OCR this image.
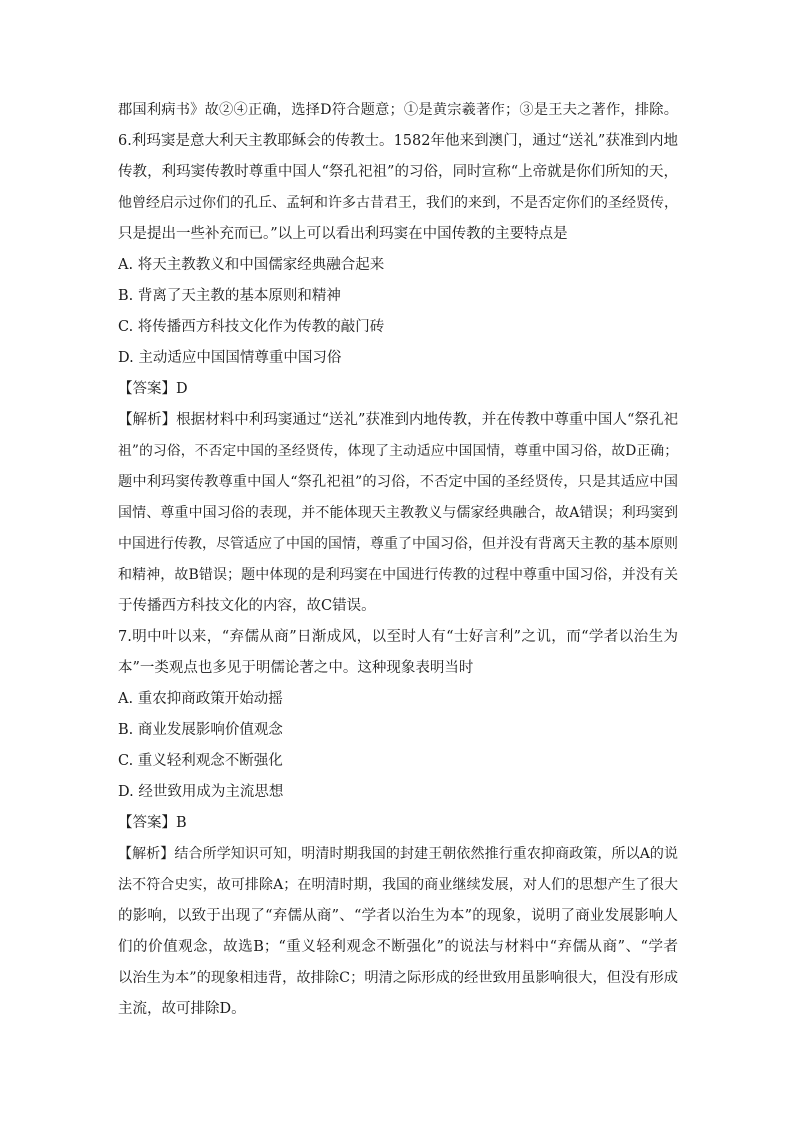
郡国利病书》故②④正确，选择D符合题意；①是黄宗羲著作；③是王夫之著作，排除。
6.利玛窦是意大利天主教耶稣会的传教士。1582年他来到澳门，通过“送礼”获准到内地
传教，利玛窦传教时尊重中国人“祭孔祀祖”的习俗，同时宣称“上帝就是你们所知的天，
他曾经启示过你们的孔丘、孟轲和许多古昔君王，我们的来到，不是否定你们的圣经贤传，
只是提出一些补充而已。”以上可以看出利玛窦在中国传教的主要特点是
A. 将天主教教义和中国儒家经典融合起来
B. 背离了天主教的基本原则和精神
C. 将传播西方科技文化作为传教的敲门砖
D. 主动适应中国国情尊重中国习俗
【答案】D
【解析】根据材料中利玛窦通过“送礼”获准到内地传教，并在传教中尊重中国人“祭孔祀
祖”的习俗，不否定中国的圣经贤传，体现了主动适应中国国情，尊重中国习俗，故D正确；
题中利玛窦传教尊重中国人“祭孔祀祖”的习俗，不否定中国的圣经贤传，只是其适应中国
国情、尊重中国习俗的表现，并不能体现天主教教义与儒家经典融合，故A错误；利玛窦到
中国进行传教，尽管适应了中国的国情，尊重了中国习俗，但并没有背离天主教的基本原则
和精神，故B错误；题中体现的是利玛窦在中国进行传教的过程中尊重中国习俗，并没有关
于传播西方科技文化的内容，故C错误。
7.明中叶以来，“弃儒从商”日渐成风，以至时人有“士好言利”之讥，而“学者以治生为
本”一类观点也多见于明儒论著之中。这种现象表明当时
A. 重农抑商政策开始动摇
B. 商业发展影响价值观念
C. 重义轻利观念不断强化
D. 经世致用成为主流思想
【答案】B
【解析】结合所学知识可知，明清时期我国的封建王朝依然推行重农抑商政策，所以A的说
法不符合史实，故可排除A；在明清时期，我国的商业继续发展，对人们的思想产生了很大
的影响，以致于出现了“弃儒从商”、“学者以治生为本”的现象，说明了商业发展影响人
们的价值观念，故选B；“重义轻利观念不断强化”的说法与材料中“弃儒从商”、“学者
以治生为本”的现象相违背，故排除C；明清之际形成的经世致用虽影响很大，但没有形成
主流，故可排除D。
